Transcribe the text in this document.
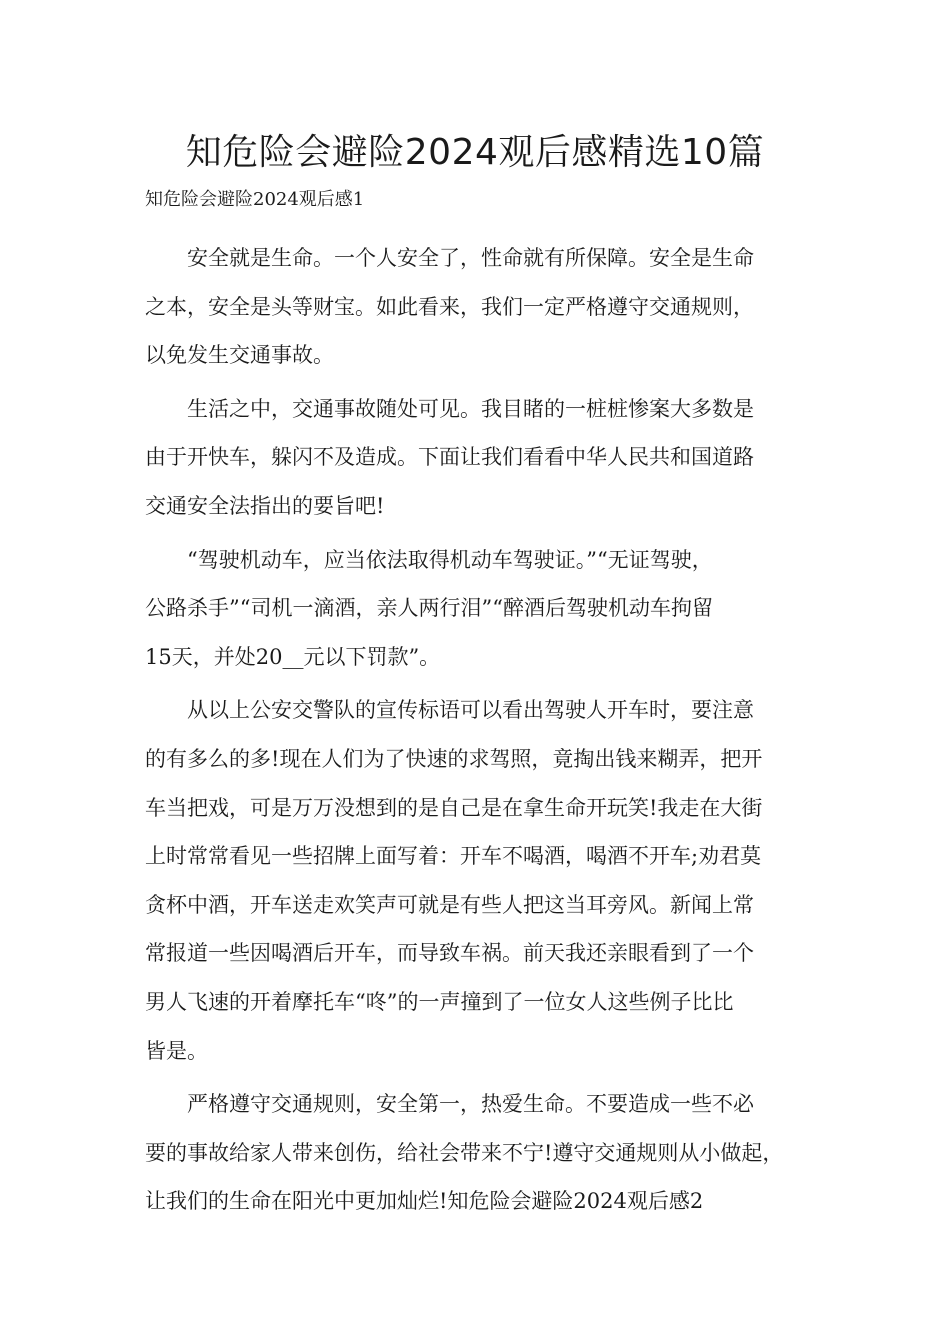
知危险会避险2024观后感精选10篇

知危险会避险2024观后感1

安全就是生命。一个人安全了，性命就有所保障。安全是生命
之本，安全是头等财宝。如此看来，我们一定严格遵守交通规则，
以免发生交通事故。
生活之中，交通事故随处可见。我目睹的一桩桩惨案大多数是
由于开快车，躲闪不及造成。下面让我们看看中华人民共和国道路
交通安全法指出的要旨吧!
“驾驶机动车，应当依法取得机动车驾驶证。”“无证驾驶，
公路杀手”“司机一滴酒，亲人两行泪”“醉酒后驾驶机动车拘留
15天，并处20__元以下罚款”。
从以上公安交警队的宣传标语可以看出驾驶人开车时，要注意
的有多么的多!现在人们为了快速的求驾照，竟掏出钱来糊弄，把开
车当把戏，可是万万没想到的是自己是在拿生命开玩笑!我走在大街
上时常常看见一些招牌上面写着：开车不喝酒，喝酒不开车;劝君莫
贪杯中酒，开车送走欢笑声可就是有些人把这当耳旁风。新闻上常
常报道一些因喝酒后开车，而导致车祸。前天我还亲眼看到了一个
男人飞速的开着摩托车“咚”的一声撞到了一位女人这些例子比比
皆是。
严格遵守交通规则，安全第一，热爱生命。不要造成一些不必
要的事故给家人带来创伤，给社会带来不宁!遵守交通规则从小做起，
让我们的生命在阳光中更加灿烂!知危险会避险2024观后感2
